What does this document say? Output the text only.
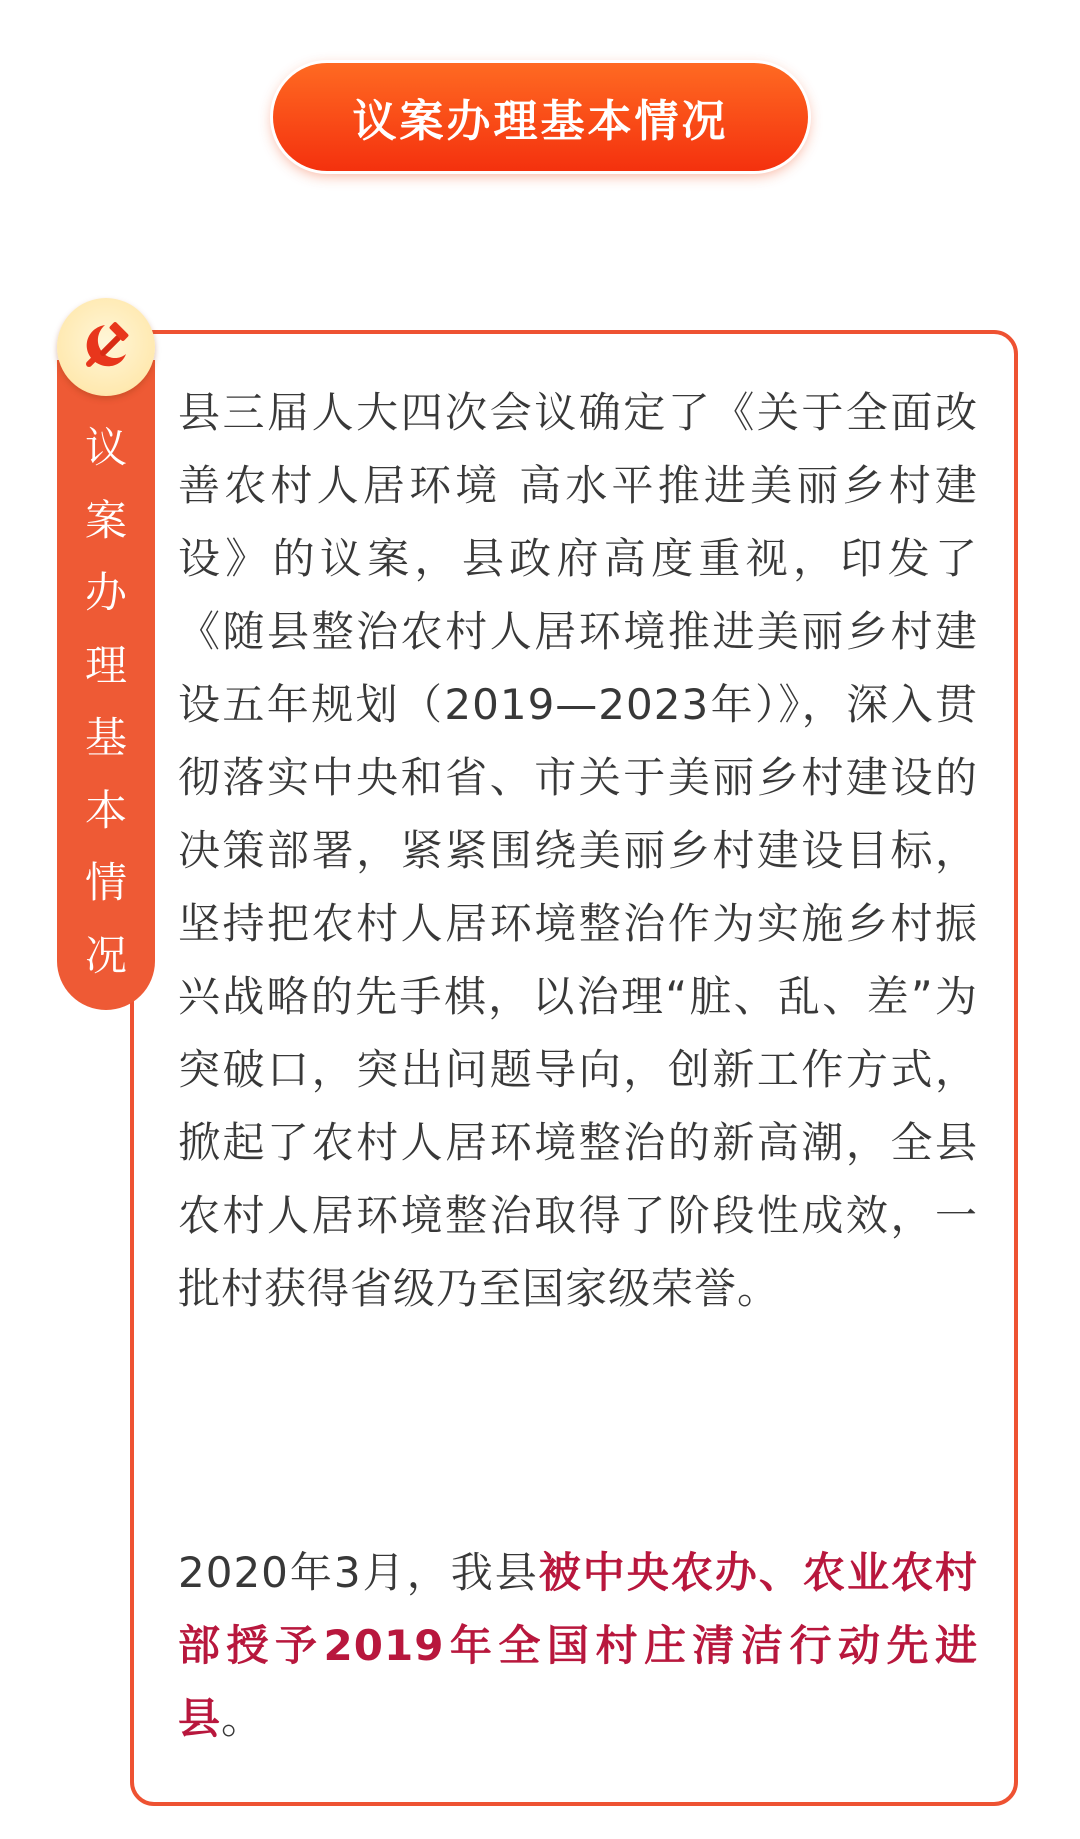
议案办理基本情况
议
案
办
理
基
本
情
况

县三届人大四次会议确定了《关于全面改善农村人居环境 高水平推进美丽乡村建设》的议案，县政府高度重视，印发了《随县整治农村人居环境推进美丽乡村建设五年规划（2019—2023年）》，深入贯彻落实中央和省、市关于美丽乡村建设的决策部署，紧紧围绕美丽乡村建设目标，坚持把农村人居环境整治作为实施乡村振兴战略的先手棋，以治理“脏、乱、差”为突破口，突出问题导向，创新工作方式，掀起了农村人居环境整治的新高潮，全县农村人居环境整治取得了阶段性成效，一批村获得省级乃至国家级荣誉。

2020年3月，我县被中央农办、农业农村部授予2019年全国村庄清洁行动先进县。
